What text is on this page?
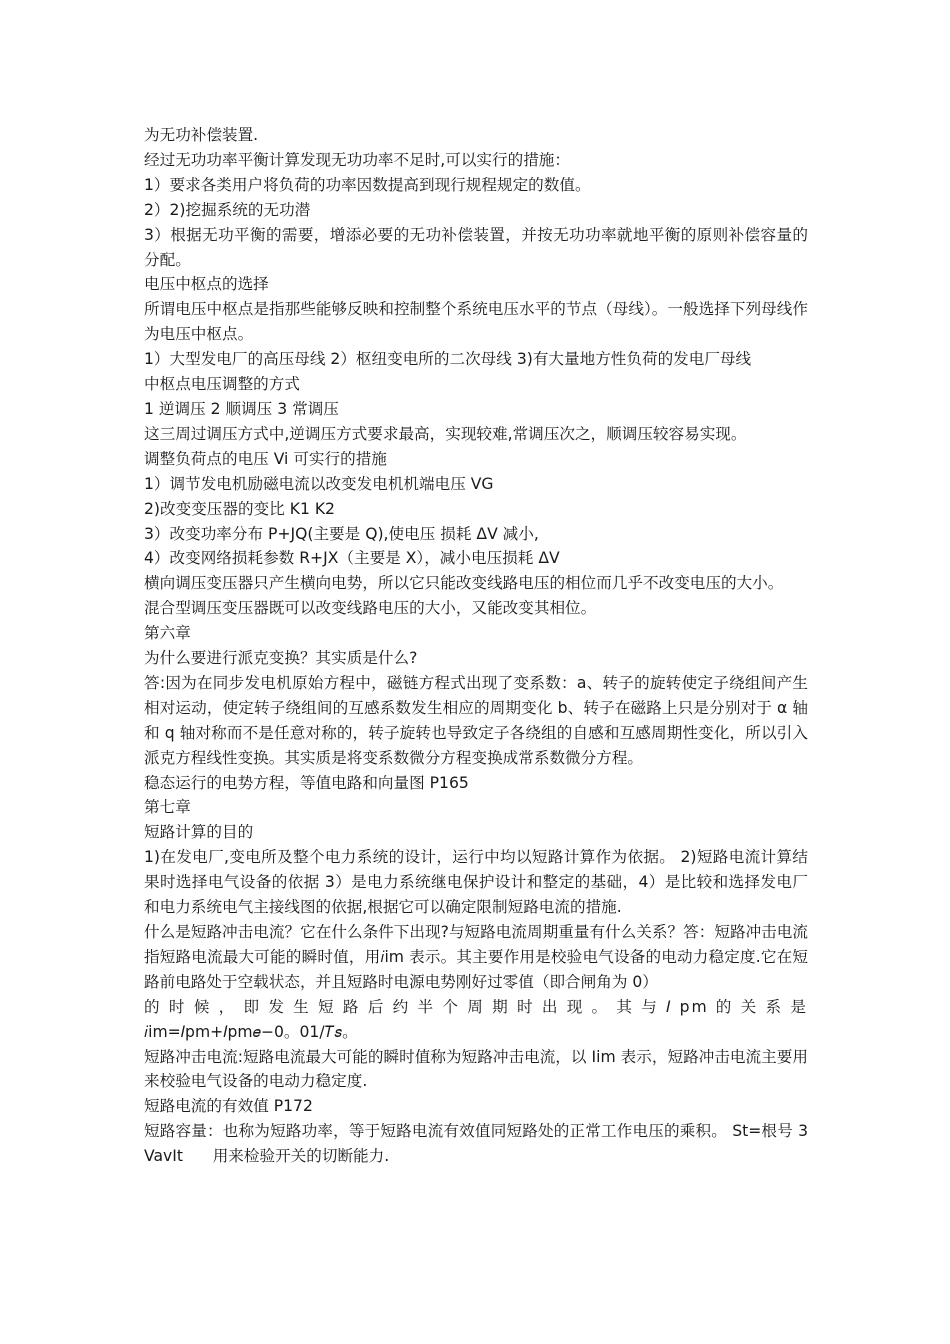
为无功补偿装置.

经过无功功率平衡计算发现无功功率不足时,可以实行的措施：

1）要求各类用户将负荷的功率因数提高到现行规程规定的数值。

2）2)挖掘系统的无功潜

3）根据无功平衡的需要，增添必要的无功补偿装置，并按无功功率就地平衡的原则补偿容量的分配。

电压中枢点的选择

所谓电压中枢点是指那些能够反映和控制整个系统电压水平的节点（母线）。一般选择下列母线作为电压中枢点。

1）大型发电厂的高压母线 2）枢纽变电所的二次母线 3)有大量地方性负荷的发电厂母线

中枢点电压调整的方式

1 逆调压 2 顺调压 3 常调压

这三周过调压方式中,逆调压方式要求最高，实现较难,常调压次之，顺调压较容易实现。

调整负荷点的电压 Vi 可实行的措施

1）调节发电机励磁电流以改变发电机机端电压 VG

2)改变变压器的变比 K1 K2

3）改变功率分布 P+JQ(主要是 Q),使电压 损耗 ΔV 减小,

4）改变网络损耗参数 R+JX（主要是 X），减小电压损耗 ΔV

横向调压变压器只产生横向电势，所以它只能改变线路电压的相位而几乎不改变电压的大小。

混合型调压变压器既可以改变线路电压的大小，又能改变其相位。

第六章

为什么要进行派克变换？其实质是什么?

答:因为在同步发电机原始方程中，磁链方程式出现了变系数：a、转子的旋转使定子绕组间产生相对运动，使定转子绕组间的互感系数发生相应的周期变化 b、转子在磁路上只是分别对于 α 轴和 q 轴对称而不是任意对称的，转子旋转也导致定子各绕组的自感和互感周期性变化，所以引入派克方程线性变换。其实质是将变系数微分方程变换成常系数微分方程。

稳态运行的电势方程，等值电路和向量图 P165

第七章

短路计算的目的

1)在发电厂,变电所及整个电力系统的设计，运行中均以短路计算作为依据。 2)短路电流计算结果时选择电气设备的依据 3）是电力系统继电保护设计和整定的基础，4）是比较和选择发电厂和电力系统电气主接线图的依据,根据它可以确定限制短路电流的措施.

什么是短路冲击电流？它在什么条件下出现?与短路电流周期重量有什么关系？答：短路冲击电流指短路电流最大可能的瞬时值，用𝑖im 表示。其主要作用是校验电气设备的电动力稳定度.它在短路前电路处于空载状态，并且短路时电源电势刚好过零值（即合闸角为 0）

的 时 候 ， 即 发 生 短 路 后 约 半 个 周 期 时 出 现 。 其 与 𝐼 pm 的 关 系 是

𝑖im=𝐼pm+𝐼pm𝑒−0。01/𝑇𝑠。

短路冲击电流:短路电流最大可能的瞬时值称为短路冲击电流，以 Iim 表示，短路冲击电流主要用来校验电气设备的电动力稳定度.

短路电流的有效值 P172

短路容量：也称为短路功率，等于短路电流有效值同短路处的正常工作电压的乘积。 St=根号 3VavIt      用来检验开关的切断能力.
